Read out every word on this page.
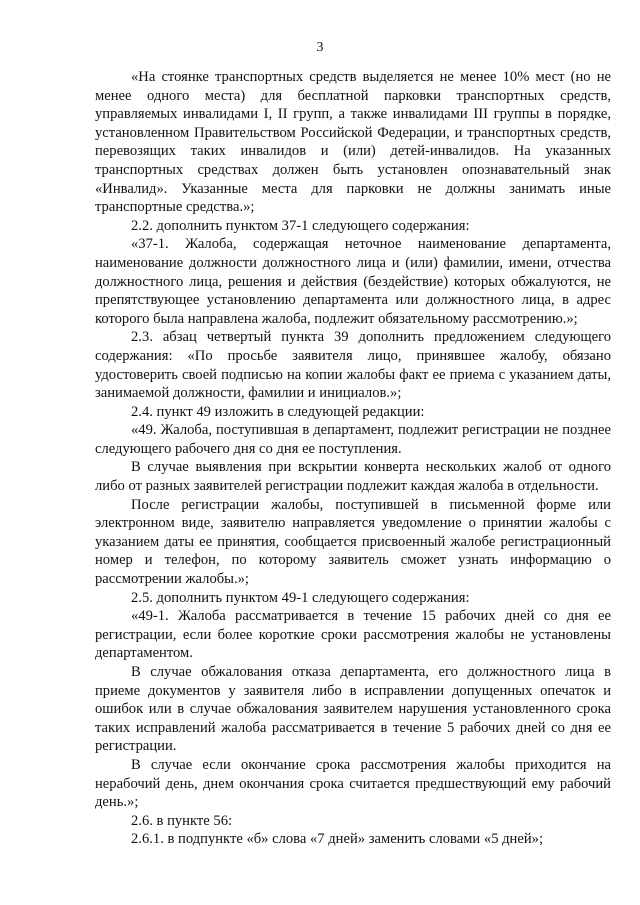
3

«На стоянке транспортных средств выделяется не менее 10% мест (но не менее одного места) для бесплатной парковки транспортных средств, управляемых инвалидами I, II групп, а также инвалидами III группы в порядке, установленном Правительством Российской Федерации, и транспортных средств, перевозящих таких инвалидов и (или) детей-инвалидов. На указанных транспортных средствах должен быть установлен опознавательный знак «Инвалид». Указанные места для парковки не должны занимать иные транспортные средства.»;

2.2. дополнить пунктом 37-1 следующего содержания:

«37-1. Жалоба, содержащая неточное наименование департамента, наименование должности должностного лица и (или) фамилии, имени, отчества должностного лица, решения и действия (бездействие) которых обжалуются, не препятствующее установлению департамента или должностного лица, в адрес которого была направлена жалоба, подлежит обязательному рассмотрению.»;

2.3. абзац четвертый пункта 39 дополнить предложением следующего содержания: «По просьбе заявителя лицо, принявшее жалобу, обязано удостоверить своей подписью на копии жалобы факт ее приема с указанием даты, занимаемой должности, фамилии и инициалов.»;

2.4. пункт 49 изложить в следующей редакции:

«49. Жалоба, поступившая в департамент, подлежит регистрации не позднее следующего рабочего дня со дня ее поступления.

В случае выявления при вскрытии конверта нескольких жалоб от одного либо от разных заявителей регистрации подлежит каждая жалоба в отдельности.

После регистрации жалобы, поступившей в письменной форме или электронном виде, заявителю направляется уведомление о принятии жалобы с указанием даты ее принятия, сообщается присвоенный жалобе регистрационный номер и телефон, по которому заявитель сможет узнать информацию о рассмотрении жалобы.»;

2.5. дополнить пунктом 49-1 следующего содержания:

«49-1. Жалоба рассматривается в течение 15 рабочих дней со дня ее регистрации, если более короткие сроки рассмотрения жалобы не установлены департаментом.

В случае обжалования отказа департамента, его должностного лица в приеме документов у заявителя либо в исправлении допущенных опечаток и ошибок или в случае обжалования заявителем нарушения установленного срока таких исправлений жалоба рассматривается в течение 5 рабочих дней со дня ее регистрации.

В случае если окончание срока рассмотрения жалобы приходится на нерабочий день, днем окончания срока считается предшествующий ему рабочий день.»;

2.6. в пункте 56:

2.6.1. в подпункте «б» слова «7 дней» заменить словами «5 дней»;
